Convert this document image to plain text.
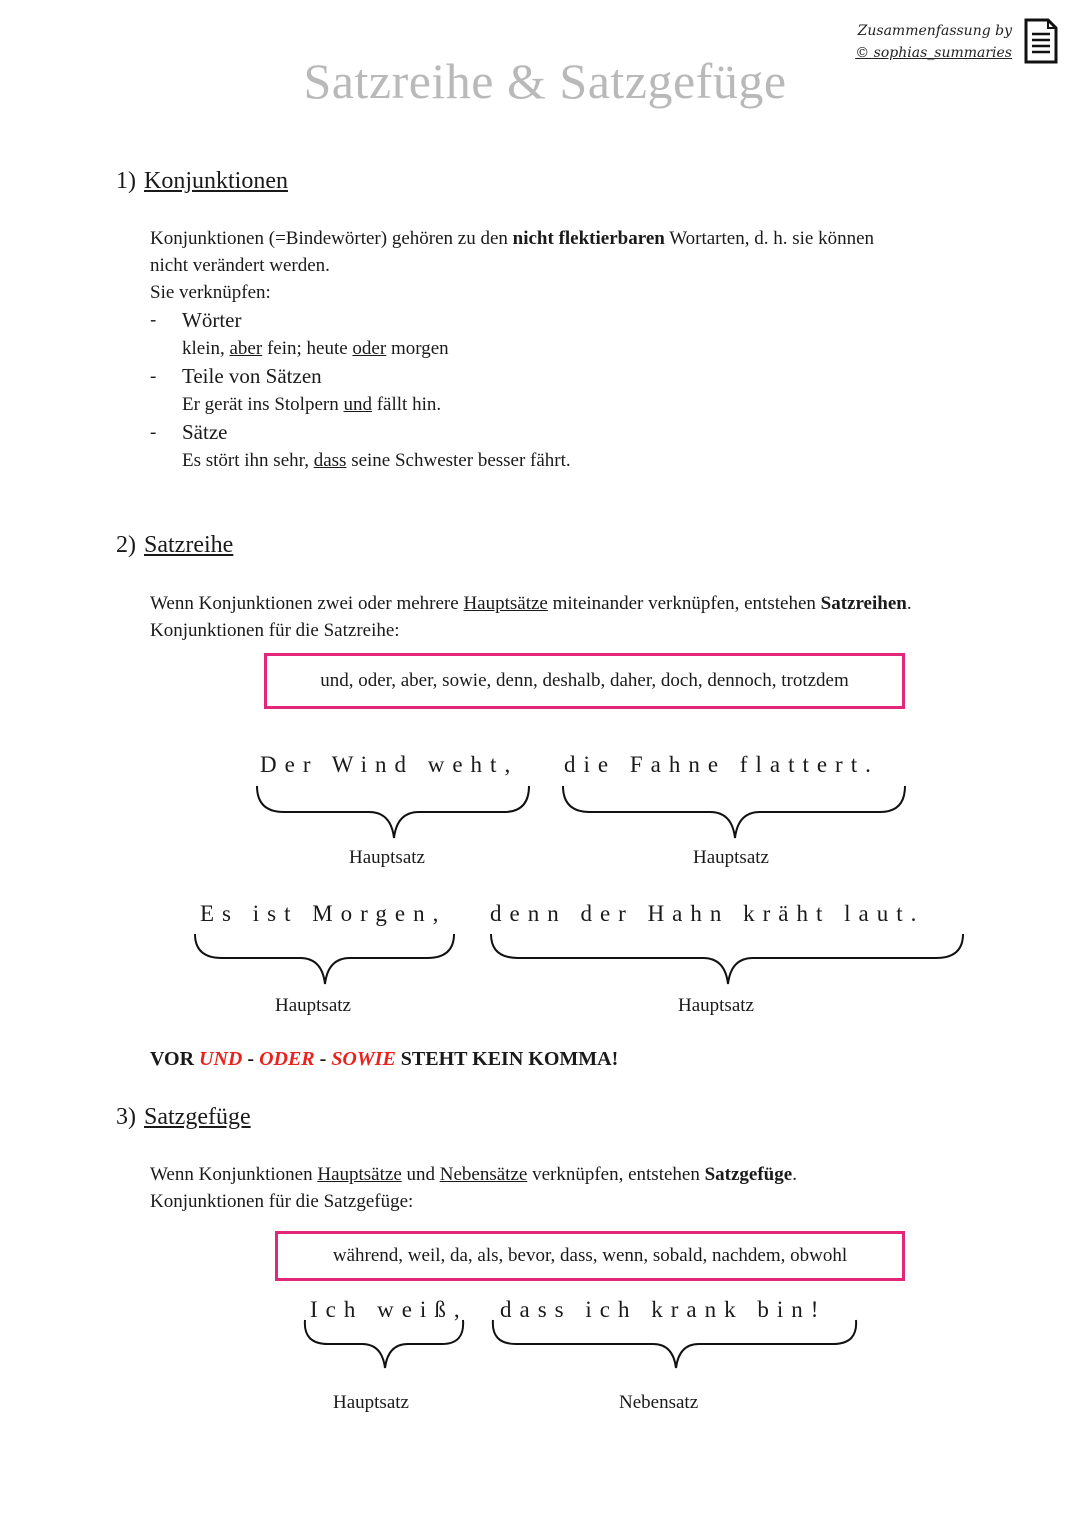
Satzreihe & Satzgefüge
Zusammenfassung by
© sophias_summaries
1) Konjunktionen
Konjunktionen (=Bindewörter) gehören zu den nicht flektierbaren Wortarten, d. h. sie können
nicht verändert werden.
Sie verknüpfen:
- Wörter
klein, aber fein; heute oder morgen
- Teile von Sätzen
Er gerät ins Stolpern und fällt hin.
- Sätze
Es stört ihn sehr, dass seine Schwester besser fährt.
2) Satzreihe
Wenn Konjunktionen zwei oder mehrere Hauptsätze miteinander verknüpfen, entstehen Satzreihen.
Konjunktionen für die Satzreihe:
und, oder, aber, sowie, denn, deshalb, daher, doch, dennoch, trotzdem
Der Wind weht, die Fahne flattert.
Hauptsatz	Hauptsatz
Es ist Morgen, denn der Hahn kräht laut.
Hauptsatz	Hauptsatz
VOR UND - ODER - SOWIE STEHT KEIN KOMMA!
3) Satzgefüge
Wenn Konjunktionen Hauptsätze und Nebensätze verknüpfen, entstehen Satzgefüge.
Konjunktionen für die Satzgefüge:
während, weil, da, als, bevor, dass, wenn, sobald, nachdem, obwohl
Ich weiß, dass ich krank bin!
Hauptsatz	Nebensatz
